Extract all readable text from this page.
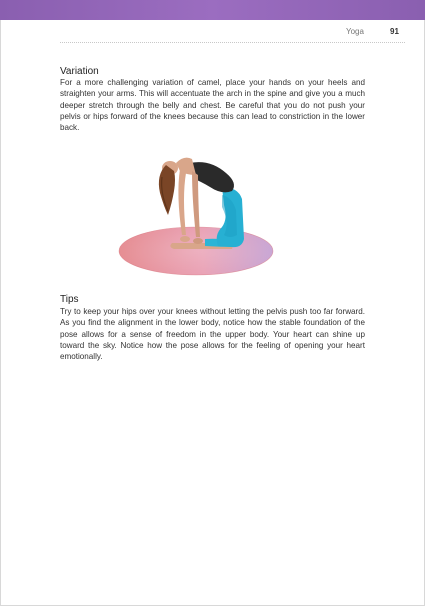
Yoga	91
Variation

For a more challenging variation of camel, place your hands on your heels and straighten your arms. This will accentuate the arch in the spine and give you a much deeper stretch through the belly and chest. Be careful that you do not push your pelvis or hips forward of the knees because this can lead to constriction in the lower back.

Tips

Try to keep your hips over your knees without letting the pelvis push too far forward. As you find the alignment in the lower body, notice how the stable foundation of the pose allows for a sense of freedom in the upper body. Your heart can shine up toward the sky. Notice how the pose allows for the feeling of opening your heart emotionally.
